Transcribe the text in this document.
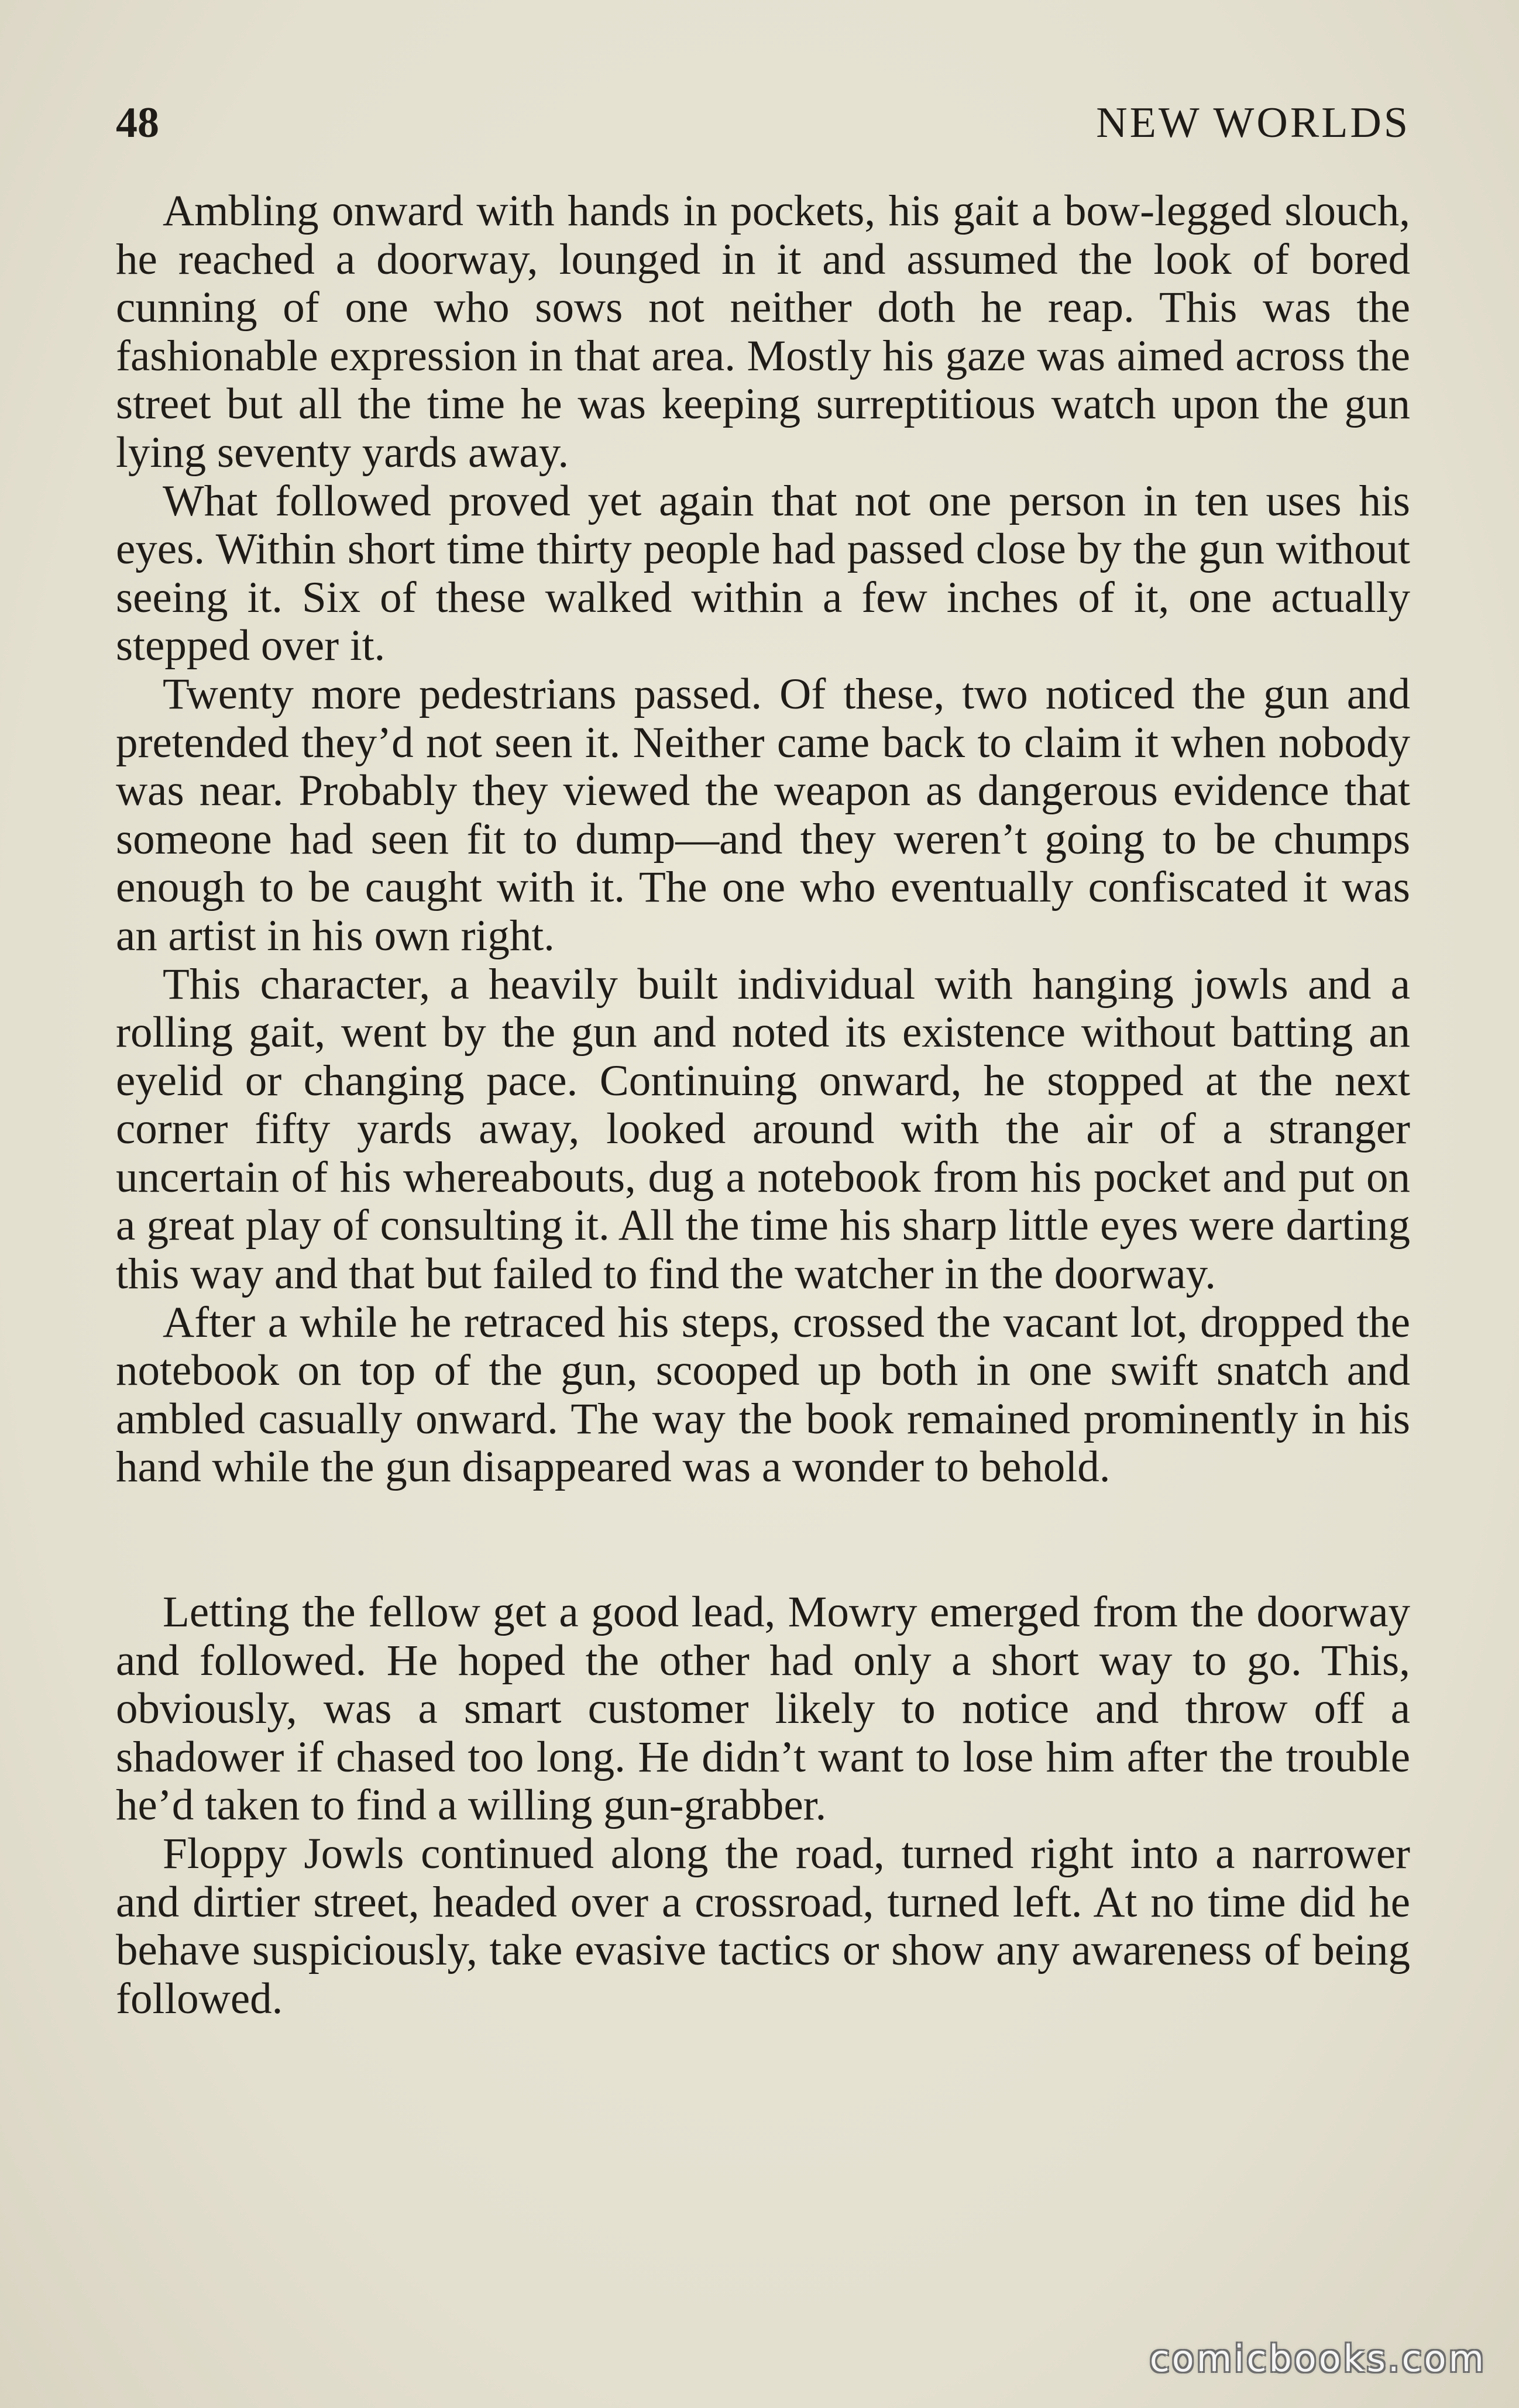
48	NEW WORLDS

Ambling onward with hands in pockets, his gait a bow-legged slouch, he reached a doorway, lounged in it and assumed the look of bored cunning of one who sows not neither doth he reap. This was the fashionable expression in that area. Mostly his gaze was aimed across the street but all the time he was keeping surreptitious watch upon the gun lying seventy yards away.

What followed proved yet again that not one person in ten uses his eyes. Within short time thirty people had passed close by the gun without seeing it. Six of these walked within a few inches of it, one actually stepped over it.

Twenty more pedestrians passed. Of these, two noticed the gun and pretended they’d not seen it. Neither came back to claim it when nobody was near. Probably they viewed the weapon as dangerous evidence that someone had seen fit to dump—and they weren’t going to be chumps enough to be caught with it. The one who eventually confiscated it was an artist in his own right.

This character, a heavily built individual with hanging jowls and a rolling gait, went by the gun and noted its existence without batting an eyelid or changing pace. Continuing onward, he stopped at the next corner fifty yards away, looked around with the air of a stranger uncertain of his whereabouts, dug a notebook from his pocket and put on a great play of consulting it. All the time his sharp little eyes were darting this way and that but failed to find the watcher in the doorway.

After a while he retraced his steps, crossed the vacant lot, dropped the notebook on top of the gun, scooped up both in one swift snatch and ambled casually onward. The way the book remained prominently in his hand while the gun disappeared was a wonder to behold.

Letting the fellow get a good lead, Mowry emerged from the doorway and followed. He hoped the other had only a short way to go. This, obviously, was a smart customer likely to notice and throw off a shadower if chased too long. He didn’t want to lose him after the trouble he’d taken to find a willing gun-grabber.

Floppy Jowls continued along the road, turned right into a narrower and dirtier street, headed over a crossroad, turned left. At no time did he behave suspiciously, take evasive tactics or show any awareness of being followed.

comicbooks.com
